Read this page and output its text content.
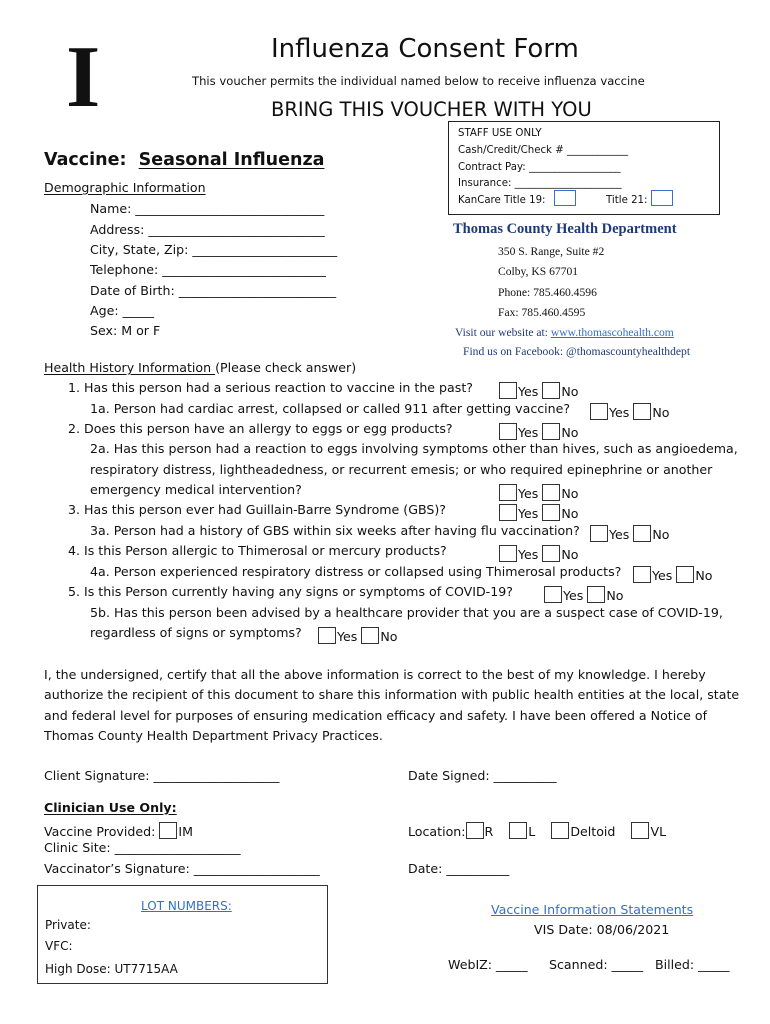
I	Influenza Consent Form
This voucher permits the individual named below to receive influenza vaccine
BRING THIS VOUCHER WITH YOU
STAFF USE ONLY
Cash/Credit/Check # ____________
Contract Pay: __________________
Insurance: _____________________
KanCare Title 19:	Title 21:
Vaccine: Seasonal Influenza
Demographic Information
Name: ______________________________
Address: ____________________________
City, State, Zip: _______________________
Telephone: __________________________
Date of Birth: _________________________
Age: _____
Sex: M or F
Thomas County Health Department
350 S. Range, Suite #2
Colby, KS 67701
Phone: 785.460.4596
Fax: 785.460.4595
Visit our website at: www.thomascohealth.com
Find us on Facebook: @thomascountyhealthdept
Health History Information (Please check answer)
1. Has this person had a serious reaction to vaccine in the past?	Yes No
1a. Person had cardiac arrest, collapsed or called 911 after getting vaccine?	Yes No
2. Does this person have an allergy to eggs or egg products?	Yes No
2a. Has this person had a reaction to eggs involving symptoms other than hives, such as angioedema,
respiratory distress, lightheadedness, or recurrent emesis; or who required epinephrine or another
emergency medical intervention?	Yes No
3. Has this person ever had Guillain-Barre Syndrome (GBS)?	Yes No
3a. Person had a history of GBS within six weeks after having flu vaccination?	Yes No
4. Is this Person allergic to Thimerosal or mercury products?	Yes No
4a. Person experienced respiratory distress or collapsed using Thimerosal products?	Yes No
5. Is this Person currently having any signs or symptoms of COVID-19?	Yes No
5b. Has this person been advised by a healthcare provider that you are a suspect case of COVID-19,
regardless of signs or symptoms?	Yes No
I, the undersigned, certify that all the above information is correct to the best of my knowledge. I hereby
authorize the recipient of this document to share this information with public health entities at the local, state
and federal level for purposes of ensuring medication efficacy and safety. I have been offered a Notice of
Thomas County Health Department Privacy Practices.
Client Signature: ____________________	Date Signed: __________
Clinician Use Only:
Vaccine Provided: IM	Location: R	L	Deltoid	VL
Clinic Site: ____________________
Vaccinator’s Signature: ____________________	Date: __________
LOT NUMBERS:
Private:
VFC:
High Dose: UT7715AA
Vaccine Information Statements
VIS Date: 08/06/2021
WebIZ: _____ Scanned: _____ Billed: _____
